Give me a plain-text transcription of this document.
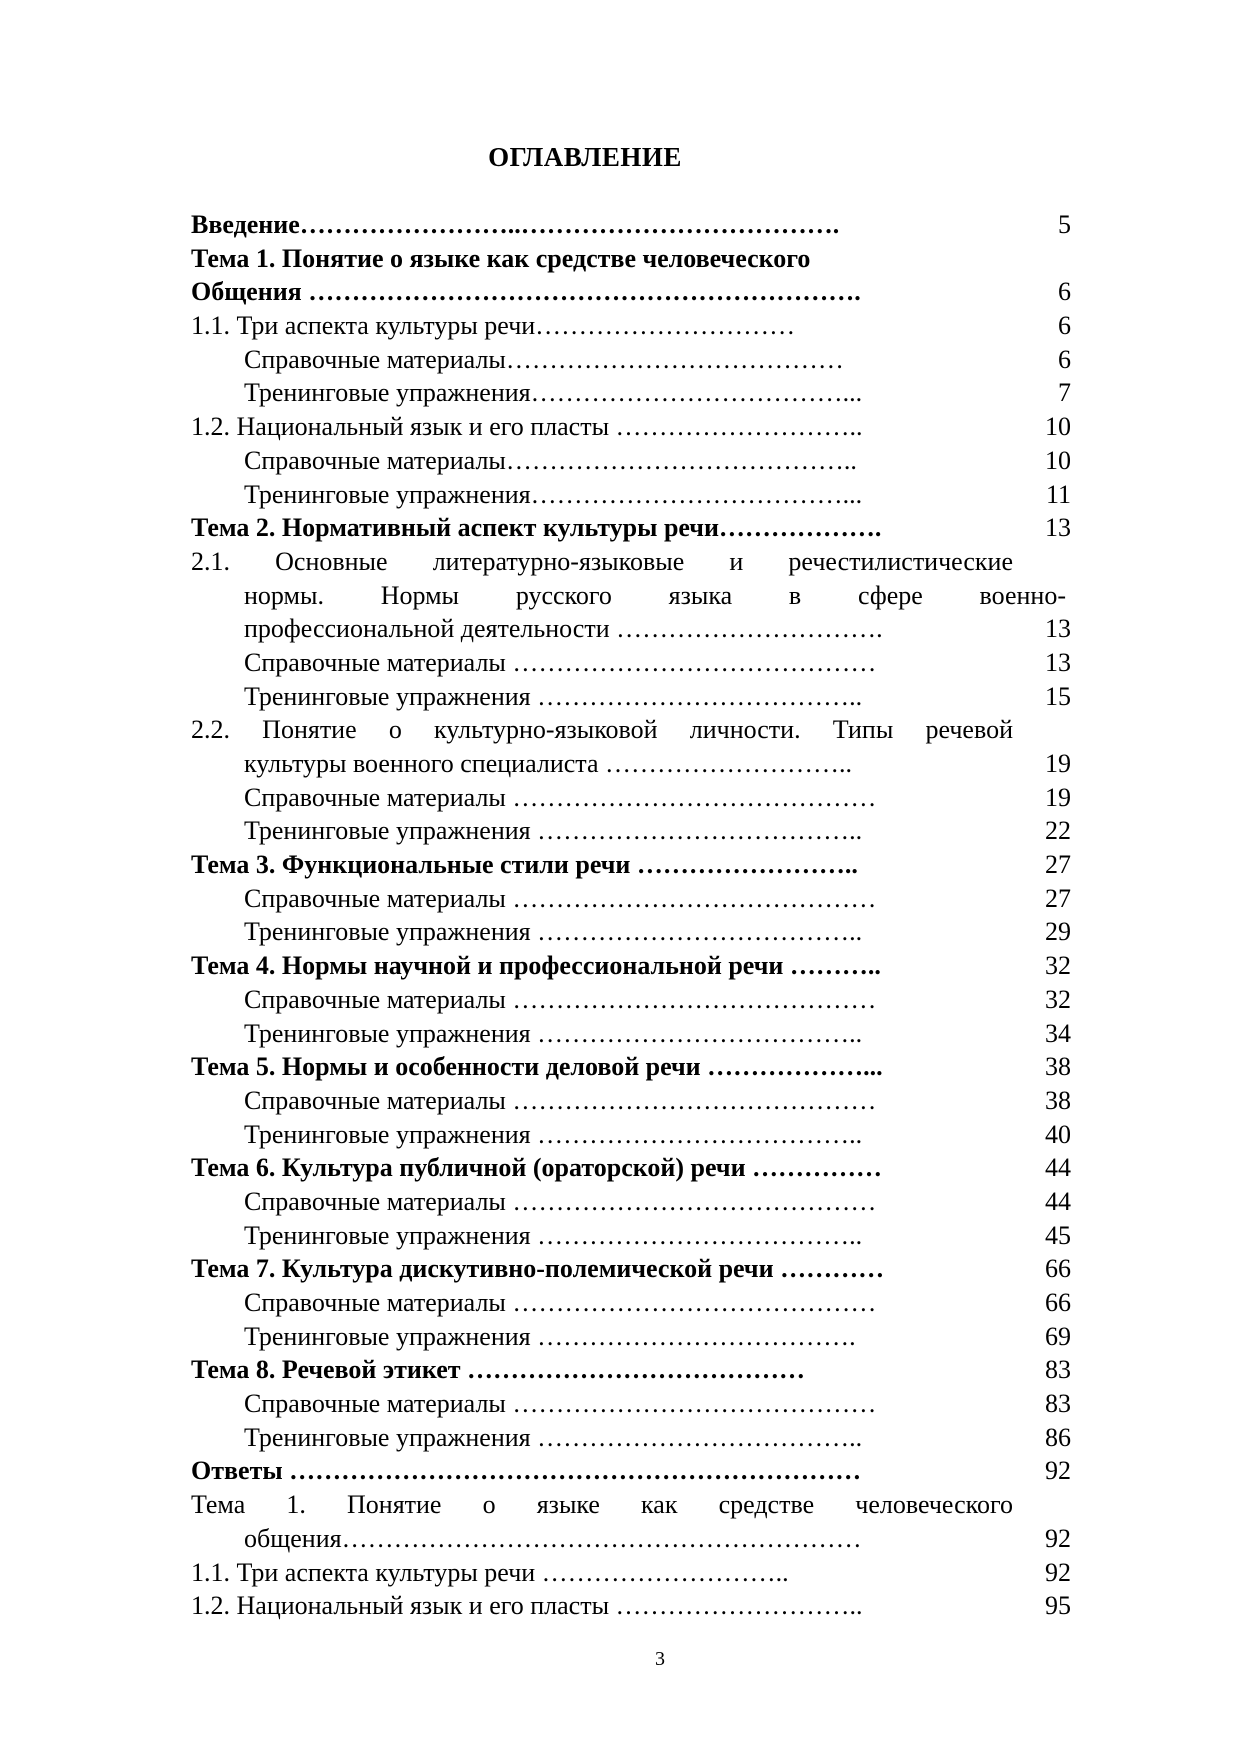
ОГЛАВЛЕНИЕ
Введение……………………..……………………………….	5
Тема 1. Понятие о языке как средстве человеческого
Общения ……………………………………………………….	6
1.1. Три аспекта культуры речи…………………………	6
Справочные материалы…………………………………	6
Тренинговые упражнения………………………………...	7
1.2. Национальный язык и его пласты ………………………..	10
Справочные материалы…………………………………..	10
Тренинговые упражнения………………………………...	11
Тема 2. Нормативный аспект культуры речи……………….	13
2.1. Основные литературно-языковые и речестилистические
нормы. Нормы русского языка в сфере военно-
профессиональной деятельности ………………………….	13
Справочные материалы ……………………………………	13
Тренинговые упражнения ………………………………..	15
2.2. Понятие о культурно-языковой личности. Типы речевой
культуры военного специалиста ………………………..	19
Справочные материалы ……………………………………	19
Тренинговые упражнения ………………………………..	22
Тема 3. Функциональные стили речи ……………………..	27
Справочные материалы ……………………………………	27
Тренинговые упражнения ………………………………..	29
Тема 4. Нормы научной и профессиональной речи ………..	32
Справочные материалы ……………………………………	32
Тренинговые упражнения ………………………………..	34
Тема 5. Нормы и особенности деловой речи ………………...	38
Справочные материалы ……………………………………	38
Тренинговые упражнения ………………………………..	40
Тема 6. Культура публичной (ораторской) речи ……………	44
Справочные материалы ……………………………………	44
Тренинговые упражнения ………………………………..	45
Тема 7. Культура дискутивно-полемической речи …………	66
Справочные материалы ……………………………………	66
Тренинговые упражнения ……………………………….	69
Тема 8. Речевой этикет …………………………………	83
Справочные материалы ……………………………………	83
Тренинговые упражнения ………………………………..	86
Ответы …………………………………………………………	92
Тема 1. Понятие о языке как средстве человеческого
общения……………………………………………………	92
1.1. Три аспекта культуры речи ………………………..	92
1.2. Национальный язык и его пласты ………………………..	95
3
